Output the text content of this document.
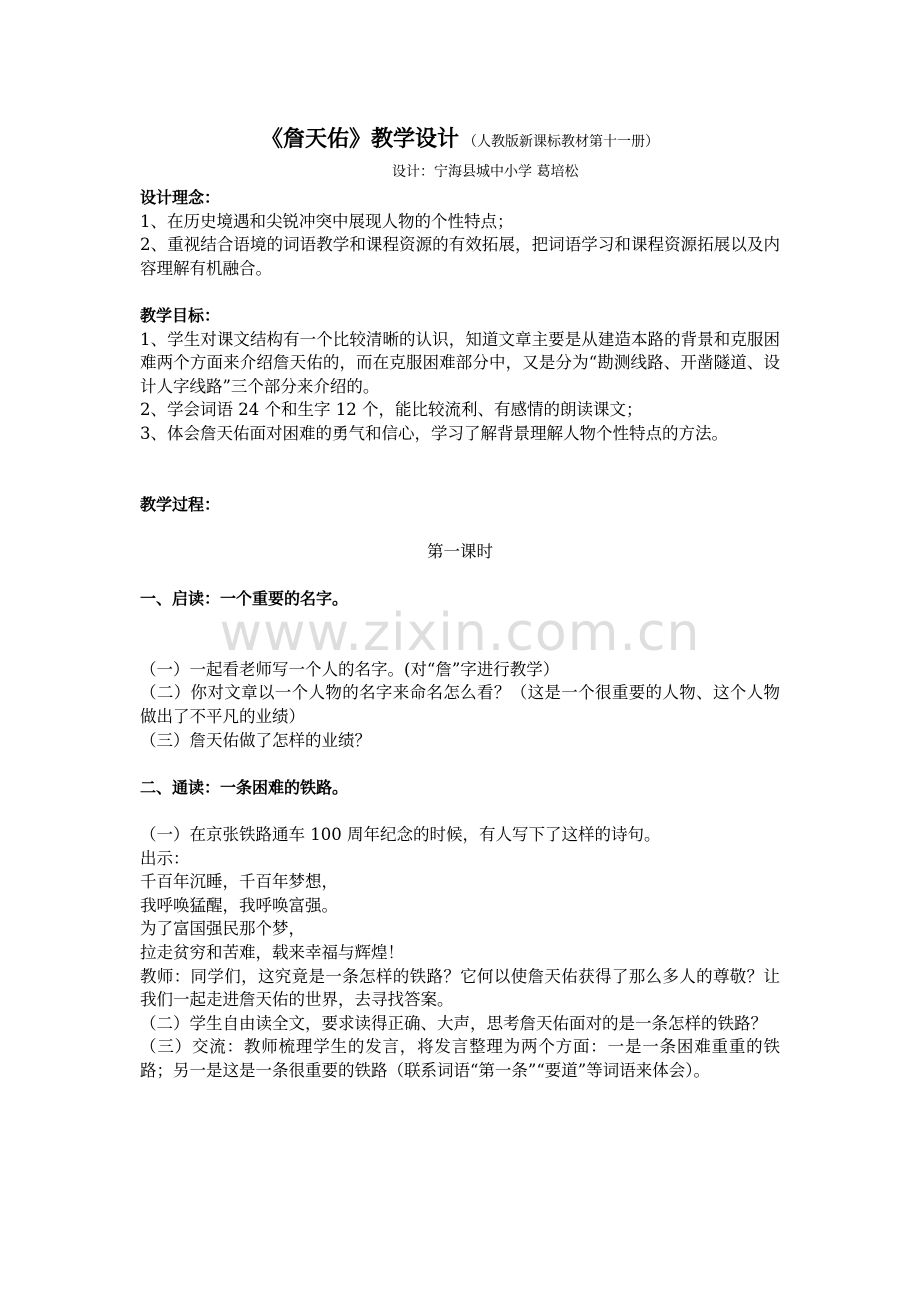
《詹天佑》教学设计 （人教版新课标教材第十一册）
设计：宁海县城中小学 葛培松
www.zixin.com.cn

设计理念：

1、在历史境遇和尖锐冲突中展现人物的个性特点；

2、重视结合语境的词语教学和课程资源的有效拓展，把词语学习和课程资源拓展以及内容理解有机融合。

教学目标：

1、学生对课文结构有一个比较清晰的认识，知道文章主要是从建造本路的背景和克服困难两个方面来介绍詹天佑的，而在克服困难部分中，又是分为“勘测线路、开凿隧道、设计人字线路”三个部分来介绍的。

2、学会词语 24 个和生字 12 个，能比较流利、有感情的朗读课文；

3、体会詹天佑面对困难的勇气和信心，学习了解背景理解人物个性特点的方法。

教学过程：

第一课时

一、启读：一个重要的名字。

（一）一起看老师写一个人的名字。(对“詹”字进行教学）

（二）你对文章以一个人物的名字来命名怎么看？（这是一个很重要的人物、这个人物做出了不平凡的业绩）

（三）詹天佑做了怎样的业绩？

二、通读：一条困难的铁路。

（一）在京张铁路通车 100 周年纪念的时候，有人写下了这样的诗句。

出示：

千百年沉睡，千百年梦想，

我呼唤猛醒，我呼唤富强。

为了富国强民那个梦，

拉走贫穷和苦难，载来幸福与辉煌！

教师：同学们，这究竟是一条怎样的铁路？它何以使詹天佑获得了那么多人的尊敬？让我们一起走进詹天佑的世界，去寻找答案。

（二）学生自由读全文，要求读得正确、大声，思考詹天佑面对的是一条怎样的铁路？

（三）交流：教师梳理学生的发言，将发言整理为两个方面：一是一条困难重重的铁路；另一是这是一条很重要的铁路（联系词语“第一条”“要道”等词语来体会）。
